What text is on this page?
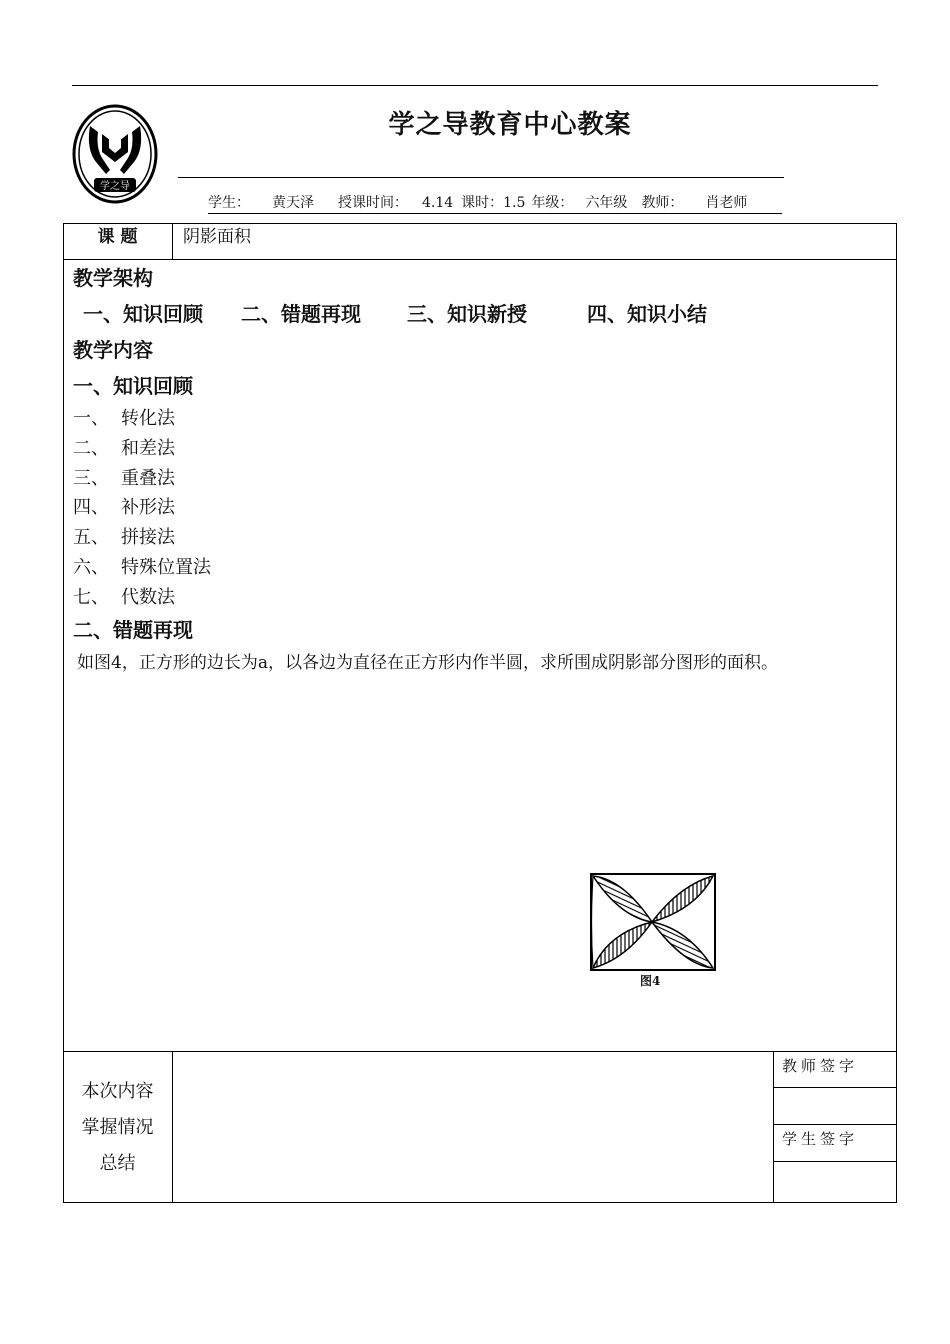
学之导
学之导教育中心教案
学生： 黄天泽 授课时间： 4.14 课时：1.5 年级： 六年级 教师： 肖老师
课 题	阴影面积
教学架构
一、知识回顾 二、错题再现 三、知识新授	四、知识小结
教学内容
一、知识回顾
一、 转化法
二、 和差法
三、 重叠法
四、 补形法
五、 拼接法
六、 特殊位置法
七、 代数法
二、错题再现
如图4，正方形的边长为a，以各边为直径在正方形内作半圆，求所围成阴影部分图形的面积。
图4
本次内容
掌握情况
总结
教师签字
学生签字
